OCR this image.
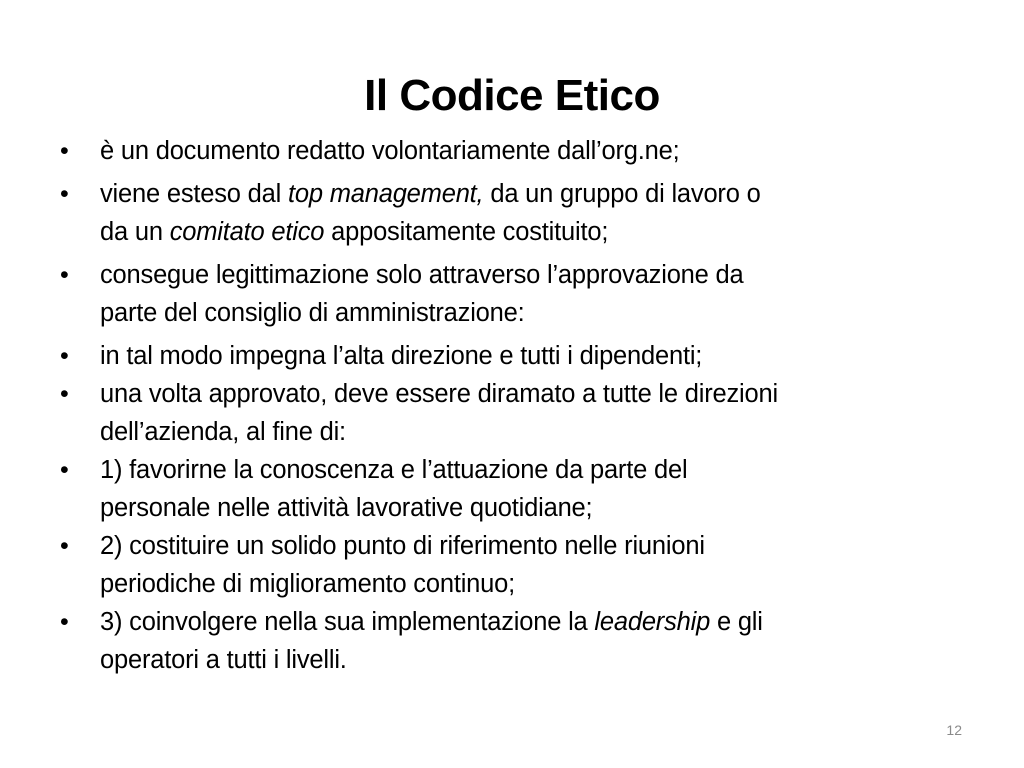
Il Codice Etico
•	è un documento redatto volontariamente dall’org.ne;
•	viene esteso dal top management, da un gruppo di lavoro o
da un comitato etico appositamente costituito;
•	consegue legittimazione solo attraverso l’approvazione da
parte del consiglio di amministrazione:
•	in tal modo impegna l’alta direzione e tutti i dipendenti;
•	una volta approvato, deve essere diramato a tutte le direzioni
dell’azienda, al fine di:
•	1) favorirne la conoscenza e l’attuazione da parte del
personale nelle attività lavorative quotidiane;
•	2) costituire un solido punto di riferimento nelle riunioni
periodiche di miglioramento continuo;
•	3) coinvolgere nella sua implementazione la leadership e gli
operatori a tutti i livelli.
12
